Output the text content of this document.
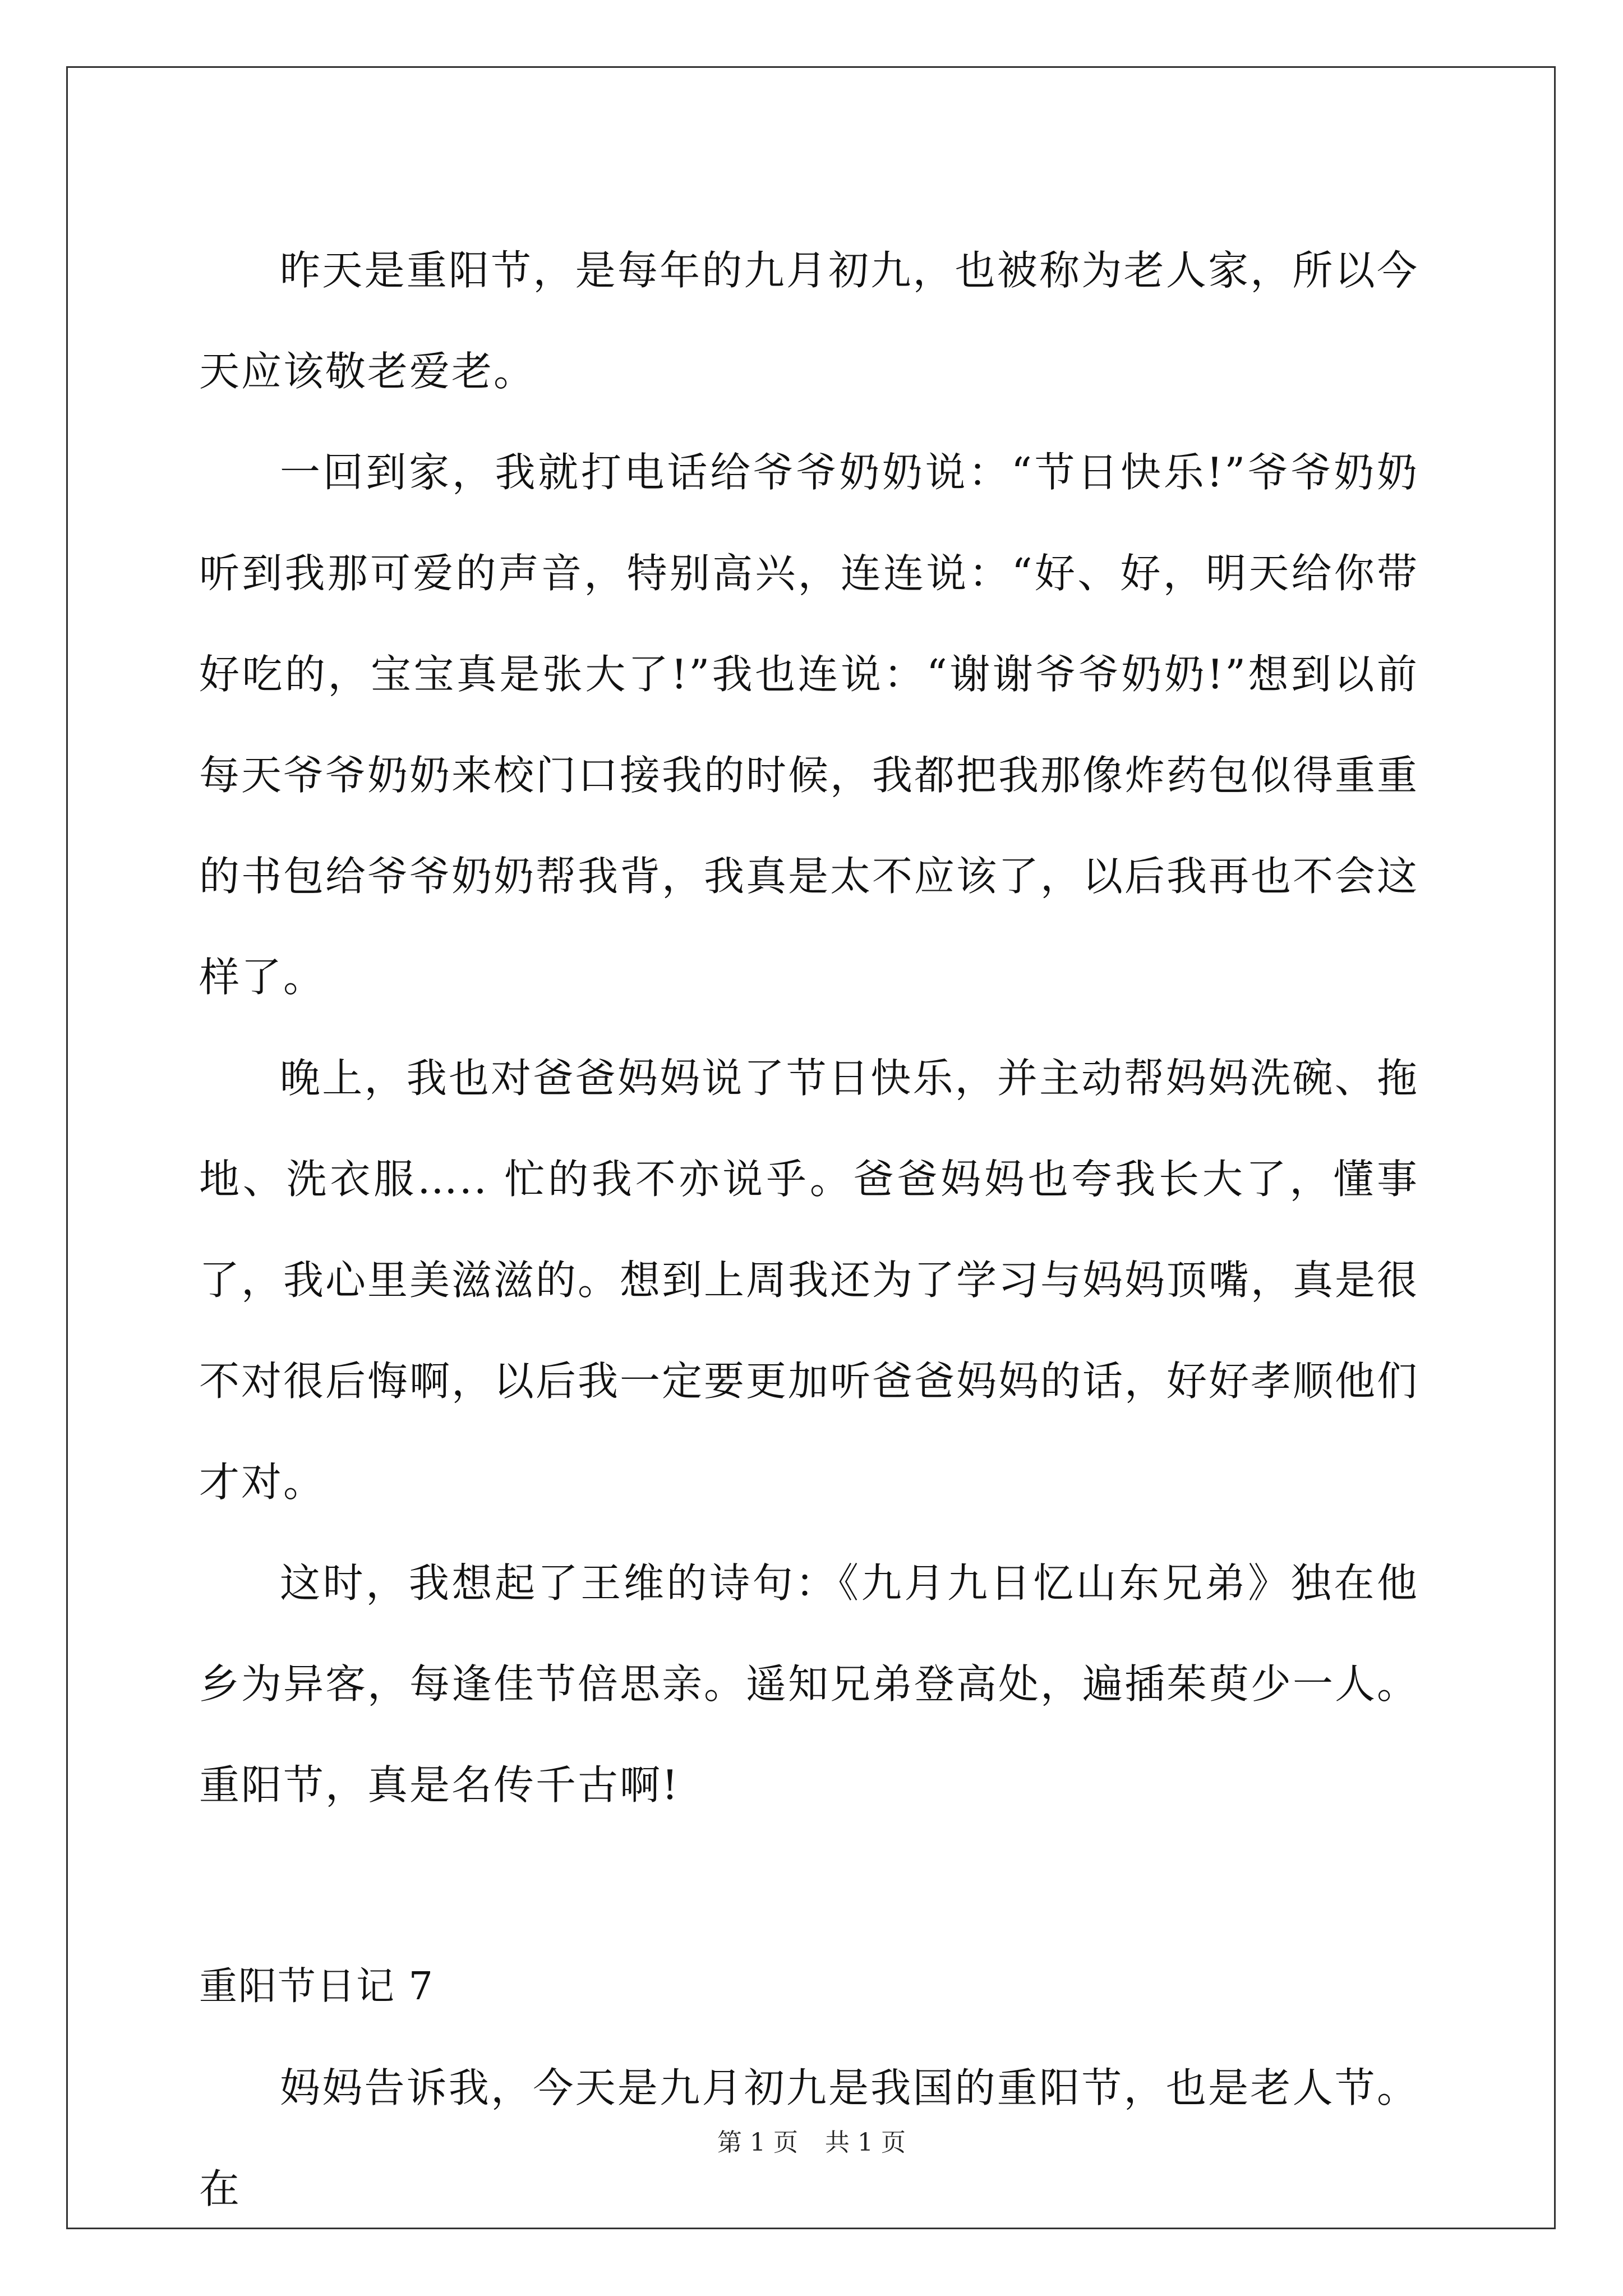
昨天是重阳节，是每年的九月初九，也被称为老人家，所以今天应该敬老爱老。

一回到家，我就打电话给爷爷奶奶说：“节日快乐!”爷爷奶奶听到我那可爱的声音，特别高兴，连连说：“好、好，明天给你带好吃的，宝宝真是张大了!”我也连说：“谢谢爷爷奶奶!”想到以前每天爷爷奶奶来校门口接我的时候，我都把我那像炸药包似得重重的书包给爷爷奶奶帮我背，我真是太不应该了，以后我再也不会这样了。

晚上，我也对爸爸妈妈说了节日快乐，并主动帮妈妈洗碗、拖地、洗衣服….. 忙的我不亦说乎。爸爸妈妈也夸我长大了，懂事了，我心里美滋滋的。想到上周我还为了学习与妈妈顶嘴，真是很不对很后悔啊，以后我一定要更加听爸爸妈妈的话，好好孝顺他们才对。

这时，我想起了王维的诗句：《九月九日忆山东兄弟》独在他乡为异客，每逢佳节倍思亲。遥知兄弟登高处，遍插茱萸少一人。重阳节，真是名传千古啊!

重阳节日记 7

妈妈告诉我，今天是九月初九是我国的重阳节，也是老人节。在

第 1 页 共 1 页
